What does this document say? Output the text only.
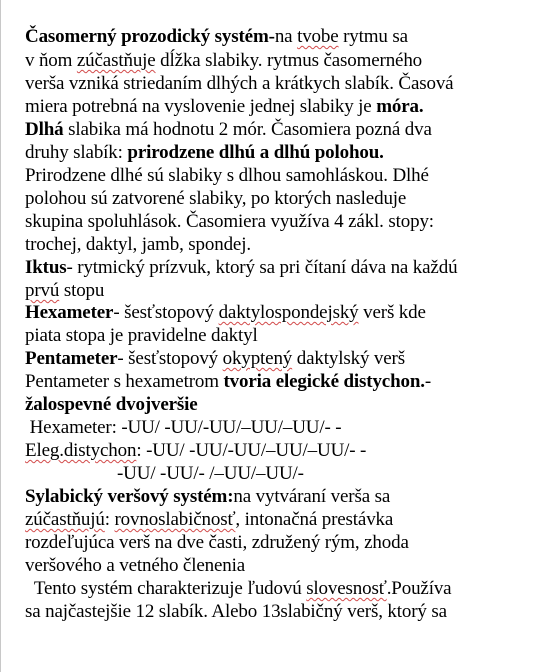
Časomerný prozodický systém-na tvobe rytmu sa
v ňom zúčastňuje dĺžka slabiky. rytmus časomerného
verša vzniká striedaním dlhých a krátkych slabík. Časová
miera potrebná na vyslovenie jednej slabiky je móra.
Dlhá slabika má hodnotu 2 mór. Časomiera pozná dva
druhy slabík: prirodzene dlhú a dlhú polohou.
Prirodzene dlhé sú slabiky s dlhou samohláskou. Dlhé
polohou sú zatvorené slabiky, po ktorých nasleduje
skupina spoluhlások. Časomiera využíva 4 zákl. stopy:
trochej, daktyl, jamb, spondej.
Iktus- rytmický prízvuk, ktorý sa pri čítaní dáva na každú
prvú stopu
Hexameter- šesťstopový daktylospondejský verš kde
piata stopa je pravidelne daktyl
Pentameter- šesťstopový okyptený daktylský verš
Pentameter s hexametrom tvoria elegické distychon.-
žalospevné dvojveršie
Hexameter: -UU/ -UU/-UU/–UU/–UU/- -
Eleg.distychon: -UU/ -UU/-UU/–UU/–UU/- -
-UU/ -UU/- /–UU/–UU/-
Sylabický veršový systém:na vytváraní verša sa
zúčastňujú: rovnoslabičnosť, intonačná prestávka
rozdeľujúca verš na dve časti, združený rým, zhoda
veršového a vetného členenia
Tento systém charakterizuje ľudovú slovesnosť.Používa
sa najčastejšie 12 slabík. Alebo 13slabičný verš, ktorý sa
